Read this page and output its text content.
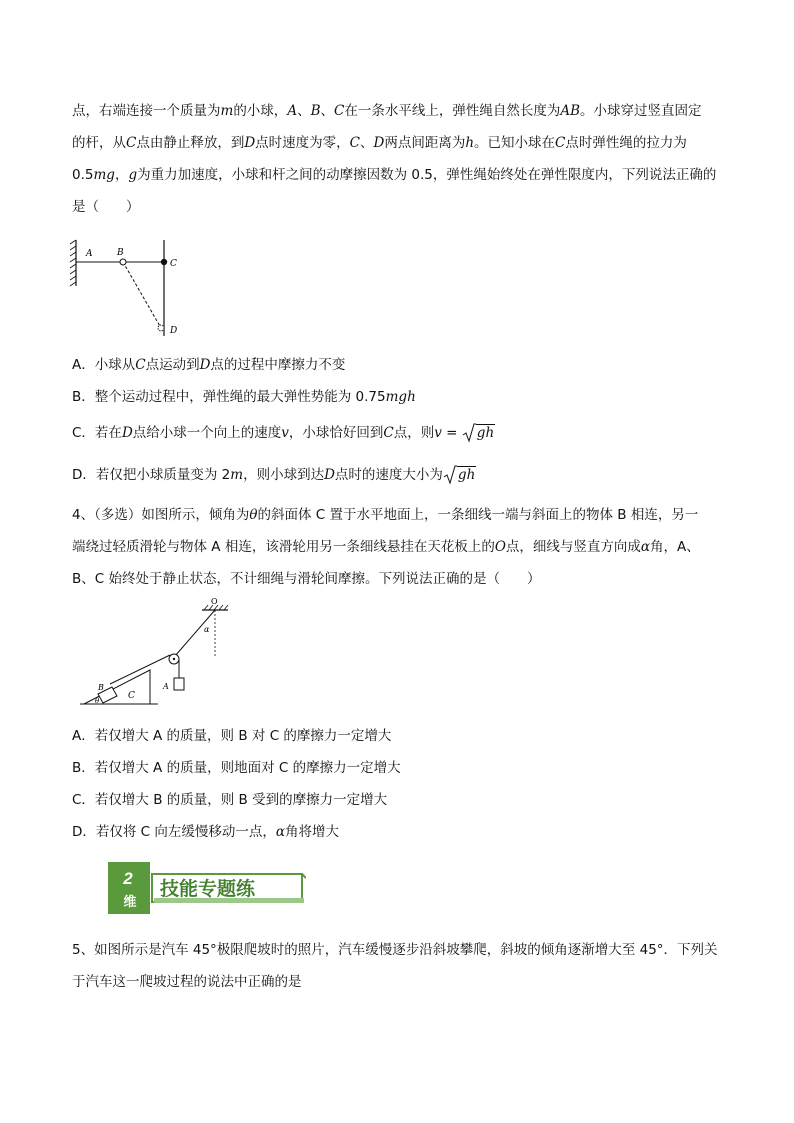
点，右端连接一个质量为m的小球，A、B、C在一条水平线上，弹性绳自然长度为AB。小球穿过竖直固定
的杆，从C点由静止释放，到D点时速度为零，C、D两点间距离为h。已知小球在C点时弹性绳的拉力为
0.5mg，g为重力加速度，小球和杆之间的动摩擦因数为 0.5，弹性绳始终处在弹性限度内，下列说法正确的
是（　　）
A	B
C
D
A．小球从C点运动到D点的过程中摩擦力不变
B．整个运动过程中，弹性绳的最大弹性势能为 0.75mgh
C．若在D点给小球一个向上的速度v，小球恰好回到C点，则v = gh
D．若仅把小球质量变为 2m，则小球到达D点时的速度大小为 gh
4、（多选）如图所示，倾角为θ的斜面体 C 置于水平地面上，一条细线一端与斜面上的物体 B 相连，另一
端绕过轻质滑轮与物体 A 相连，该滑轮用另一条细线悬挂在天花板上的O点，细线与竖直方向成α角，A、
B、C 始终处于静止状态，不计细绳与滑轮间摩擦。下列说法正确的是（　　）
O
α
A
C
B
θ
A．若仅增大 A 的质量，则 B 对 C 的摩擦力一定增大
B．若仅增大 A 的质量，则地面对 C 的摩擦力一定增大
C．若仅增大 B 的质量，则 B 受到的摩擦力一定增大
D．若仅将 C 向左缓慢移动一点，α角将增大
2
维
技能专题练
5、如图所示是汽车 45°极限爬坡时的照片，汽车缓慢逐步沿斜坡攀爬，斜坡的倾角逐渐增大至 45°．下列关
于汽车这一爬坡过程的说法中正确的是
